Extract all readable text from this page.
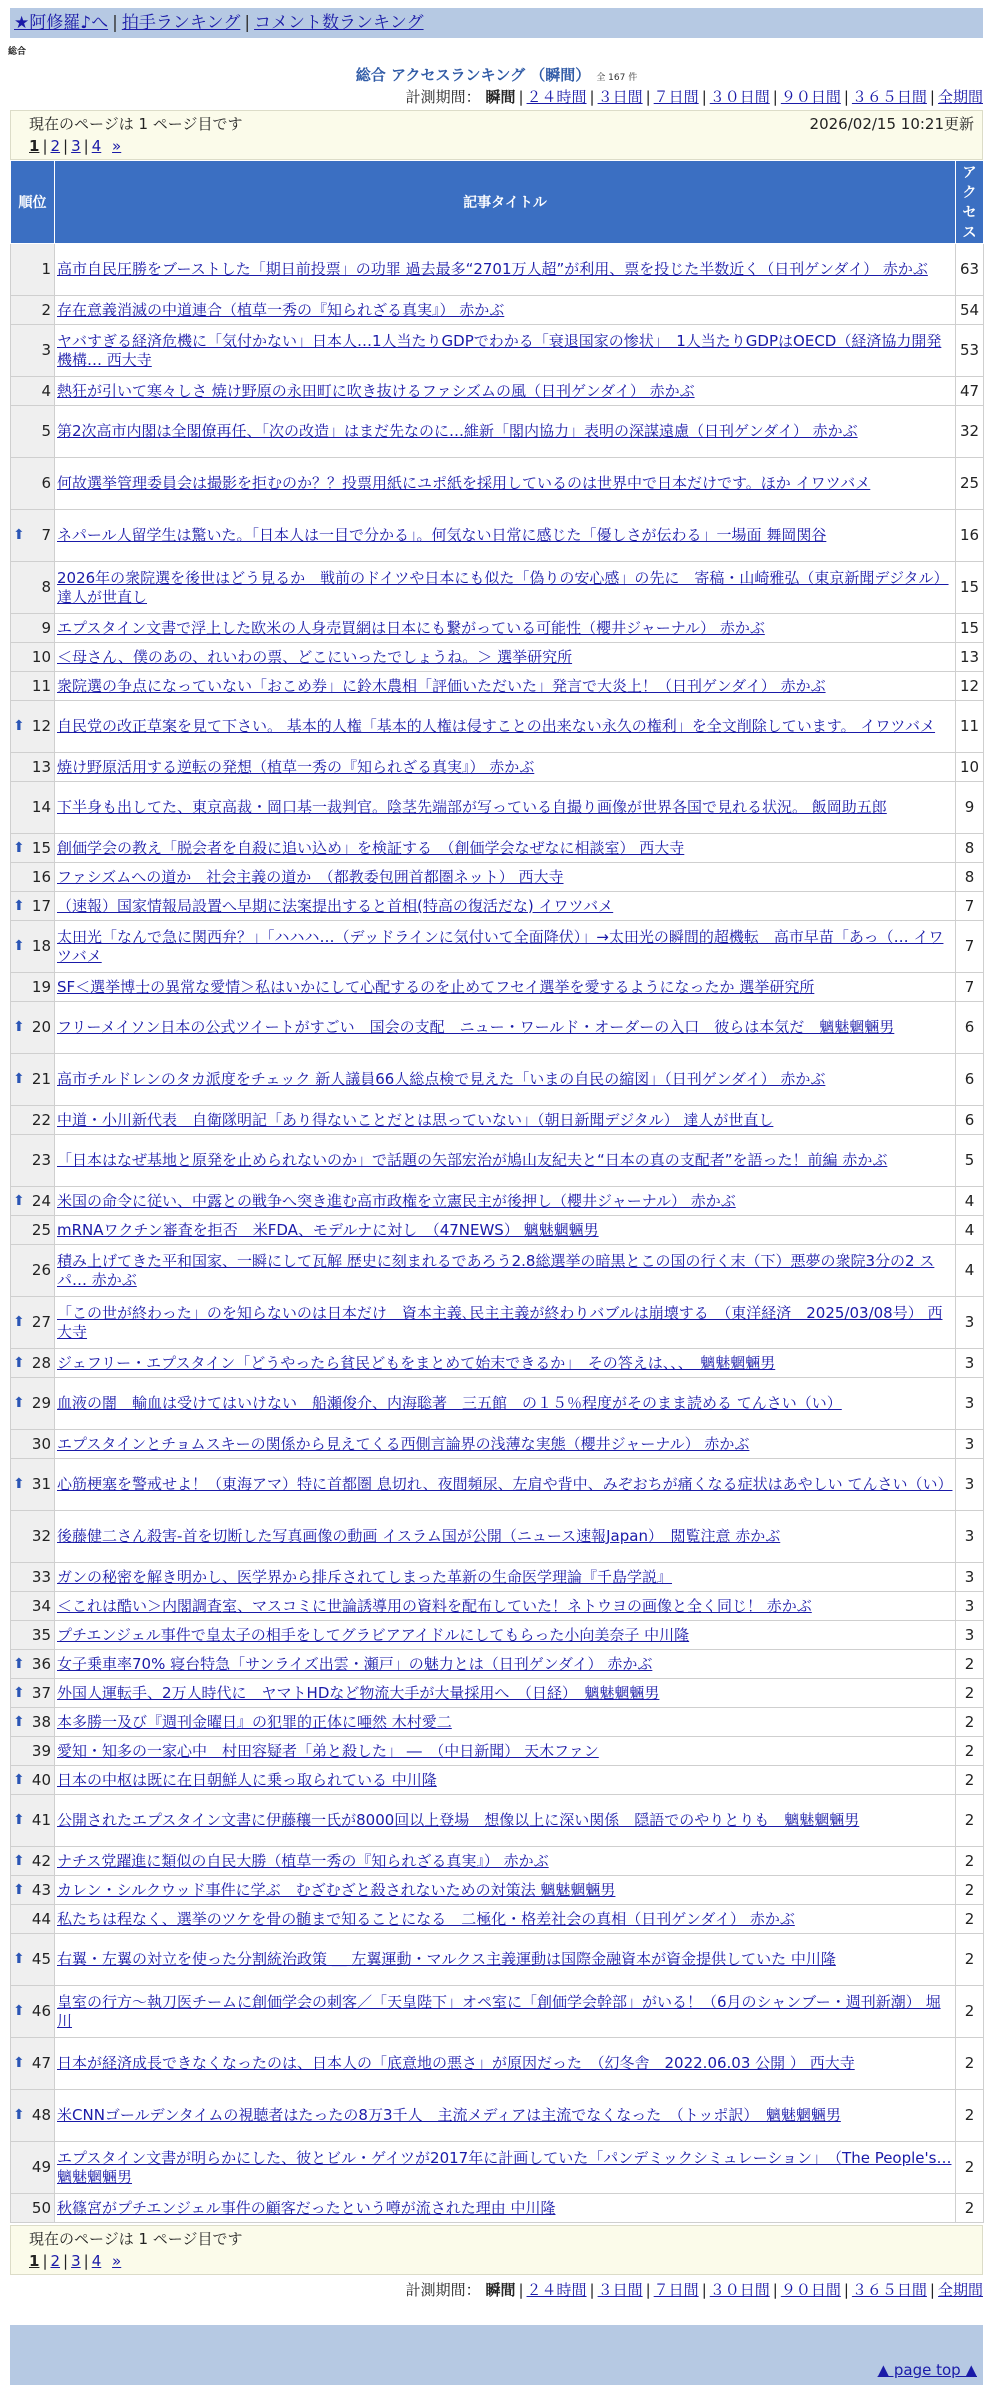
★阿修羅♪へ | 拍手ランキング | コメント数ランキング
総合
総合 アクセスランキング （瞬間） 全 167 件
計測期間： 瞬間 | ２４時間 | ３日間 | ７日間 | ３０日間 | ９０日間 | ３６５日間 | 全期間
現在のページは 1 ページ目です	2026/02/15 10:21更新
1 | 2 | 3 | 4 »
順位	記事タイトル	アクセス
1	高市自民圧勝をブーストした「期日前投票」の功罪 過去最多“2701万人超”が利用、票を投じた半数近く（日刊ゲンダイ） 赤かぶ	63
2	存在意義消滅の中道連合（植草一秀の『知られざる真実』） 赤かぶ	54
3	ヤバすぎる経済危機に「気付かない」日本人…1人当たりGDPでわかる「衰退国家の惨状」　1人当たりGDPはOECD（経済協力開発機構… 西大寺	53
4	熱狂が引いて寒々しさ 焼け野原の永田町に吹き抜けるファシズムの風（日刊ゲンダイ） 赤かぶ	47
5	第2次高市内閣は全閣僚再任、「次の改造」はまだ先なのに…維新「閣内協力」表明の深謀遠慮（日刊ゲンダイ） 赤かぶ	32
6	何故選挙管理委員会は撮影を拒むのか？？投票用紙にユポ紙を採用しているのは世界中で日本だけです。ほか イワツバメ	25

⬆ 7	ネパール人留学生は驚いた。「日本人は一目で分かる」。何気ない日常に感じた「優しさが伝わる」一場面 舞岡関谷	16
8	2026年の衆院選を後世はどう見るか　戦前のドイツや日本にも似た「偽りの安心感」の先に　寄稿・山崎雅弘（東京新聞デジタル） 達人が世直し	15
9	エプスタイン文書で浮上した欧米の人身売買網は日本にも繋がっている可能性（櫻井ジャーナル） 赤かぶ	15
10	＜母さん、僕のあの、れいわの票、どこにいったでしょうね。＞ 選挙研究所	13
11	衆院選の争点になっていない「おこめ券」に鈴木農相「評価いただいた」発言で大炎上！（日刊ゲンダイ） 赤かぶ	12

⬆ 12	自民党の改正草案を見て下さい。 基本的人権「基本的人権は侵すことの出来ない永久の権利」を全文削除しています。 イワツバメ	11
13	焼け野原活用する逆転の発想（植草一秀の『知られざる真実』） 赤かぶ	10
14	下半身も出してた、東京高裁・岡口基一裁判官。陰茎先端部が写っている自撮り画像が世界各国で見れる状況。 飯岡助五郎	9

⬆ 15	創価学会の教え「脱会者を自殺に追い込め」を検証する　（創価学会なぜなに相談室） 西大寺	8
16	ファシズムへの道か　社会主義の道か　（都教委包囲首都圏ネット） 西大寺	8

⬆ 17	（速報）国家情報局設置へ早期に法案提出すると首相(特高の復活だな) イワツバメ	7

⬆ 18	太田光「なんで急に関西弁？」「ハハハ…（デッドラインに気付いて全面降伏）」→太田光の瞬間的超機転　高市早苗「あっ（… イワツバメ	7
19	SF＜選挙博士の異常な愛情＞私はいかにして心配するのを止めてフセイ選挙を愛するようになったか 選挙研究所	7

⬆ 20	フリーメイソン日本の公式ツイートがすごい　国会の支配　ニュー・ワールド・オーダーの入口　彼らは本気だ　魑魅魍魎男	6

⬆ 21	高市チルドレンのタカ派度をチェック 新人議員66人総点検で見えた「いまの自民の縮図」（日刊ゲンダイ） 赤かぶ	6
22	中道・小川新代表　自衛隊明記「あり得ないことだとは思っていない」（朝日新聞デジタル） 達人が世直し	6
23	「日本はなぜ基地と原発を止められないのか」で話題の矢部宏治が鳩山友紀夫と“日本の真の支配者”を語った！前編 赤かぶ	5

⬆ 24	米国の命令に従い、中露との戦争へ突き進む高市政権を立憲民主が後押し（櫻井ジャーナル） 赤かぶ	4
25	mRNAワクチン審査を拒否　米FDA、モデルナに対し　（47NEWS） 魑魅魍魎男	4
26	積み上げてきた平和国家、一瞬にして瓦解 歴史に刻まれるであろう2.8総選挙の暗黒とこの国の行く末（下）悪夢の衆院3分の2 スパ… 赤かぶ	4

⬆ 27	「この世が終わった」のを知らないのは日本だけ　資本主義､民主主義が終わりバブルは崩壊する　（東洋経済　2025/03/08号） 西大寺	3

⬆ 28	ジェフリー・エプスタイン「どうやったら貧民どもをまとめて始末できるか」　その答えは、、、　魑魅魍魎男	3

⬆ 29	血液の闇　輸血は受けてはいけない　船瀬俊介、内海聡著　三五館　の１５％程度がそのまま読める てんさい（い）	3
30	エプスタインとチョムスキーの関係から見えてくる西側言論界の浅薄な実態（櫻井ジャーナル） 赤かぶ	3

⬆ 31	心筋梗塞を警戒せよ！（東海アマ）特に首都圏 息切れ、夜間頻尿、左肩や背中、みぞおちが痛くなる症状はあやしい てんさい（い）	3
32	後藤健二さん殺害-首を切断した写真画像の動画 イスラム国が公開（ニュース速報Japan）　閲覧注意 赤かぶ	3
33	ガンの秘密を解き明かし、医学界から排斥されてしまった革新の生命医学理論『千島学説』	3
34	＜これは酷い＞内閣調査室、マスコミに世論誘導用の資料を配布していた！ネトウヨの画像と全く同じ！ 赤かぶ	3
35	プチエンジェル事件で皇太子の相手をしてグラビアアイドルにしてもらった小向美奈子 中川隆	3

⬆ 36	女子乗車率70% 寝台特急「サンライズ出雲・瀬戸」の魅力とは（日刊ゲンダイ） 赤かぶ	2

⬆ 37	外国人運転手、2万人時代に　ヤマトHDなど物流大手が大量採用へ　（日経）　魑魅魍魎男	2

⬆ 38	本多勝一及び『週刊金曜日』の犯罪的正体に唖然 木村愛二	2
39	愛知・知多の一家心中　村田容疑者「弟と殺した」 ―　（中日新聞） 天木ファン	2

⬆ 40	日本の中枢は既に在日朝鮮人に乗っ取られている 中川隆	2

⬆ 41	公開されたエプスタイン文書に伊藤穰一氏が8000回以上登場　想像以上に深い関係　隠語でのやりとりも　魑魅魍魎男	2

⬆ 42	ナチス党躍進に類似の自民大勝（植草一秀の『知られざる真実』） 赤かぶ	2

⬆ 43	カレン・シルクウッド事件に学ぶ　むざむざと殺されないための対策法 魑魅魍魎男	2
44	私たちは程なく、選挙のツケを骨の髄まで知ることになる　二極化・格差社会の真相（日刊ゲンダイ） 赤かぶ	2

⬆ 45	右翼・左翼の対立を使った分割統治政策 ＿ 左翼運動・マルクス主義運動は国際金融資本が資金提供していた 中川隆	2

⬆ 46	皇室の行方～執刀医チームに創価学会の刺客／「天皇陛下」オペ室に「創価学会幹部」がいる！（6月のシャンブー・週刊新潮） 堀川	2

⬆ 47	日本が経済成長できなくなったのは、日本人の「底意地の悪さ」が原因だった　（幻冬舎　2022.06.03 公開 ） 西大寺	2

⬆ 48	米CNNゴールデンタイムの視聴者はたったの8万3千人　主流メディアは主流でなくなった　（トッポ訳）　魑魅魍魎男	2
49	エプスタイン文書が明らかにした、彼とビル・ゲイツが2017年に計画していた「パンデミックシミュレーション」　（The People's… 魑魅魍魎男	2
50	秋篠宮がプチエンジェル事件の顧客だったという噂が流された理由 中川隆	2
現在のページは 1 ページ目です
1 | 2 | 3 | 4 »
計測期間： 瞬間 | ２４時間 | ３日間 | ７日間 | ３０日間 | ９０日間 | ３６５日間 | 全期間
▲ page top ▲
